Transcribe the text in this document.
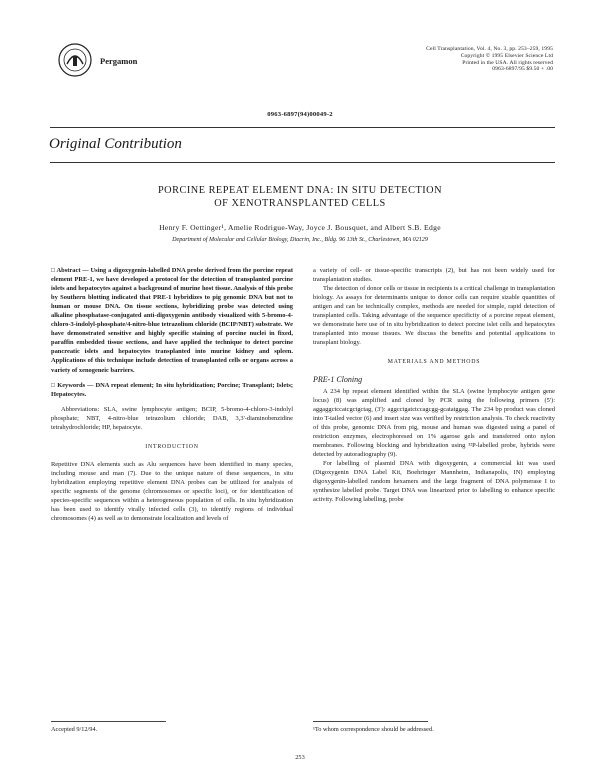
Pergamon
Cell Transplantation, Vol. 4, No. 3, pp. 253–259, 1995
Copyright © 1995 Elsevier Science Ltd
Printed in the USA. All rights reserved
0963-6897/95 $9.50 + .00
0963-6897(94)00049-2
Original Contribution
PORCINE REPEAT ELEMENT DNA: IN SITU DETECTION
OF XENOTRANSPLANTED CELLS
Henry F. Oettinger¹, Amelie Rodrigue-Way, Joyce J. Bousquet, and Albert S.B. Edge
Department of Molecular and Cellular Biology, Diacrin, Inc., Bldg. 96 13th St., Charlestown, MA 02129

□ Abstract — Using a digoxygenin-labelled DNA probe derived from the porcine repeat element PRE-1, we have developed a protocol for the detection of transplanted porcine islets and hepatocytes against a background of murine host tissue. Analysis of this probe by Southern blotting indicated that PRE-1 hybridizes to pig genomic DNA but not to human or mouse DNA. On tissue sections, hybridizing probe was detected using alkaline phosphatase-conjugated anti-digoxygenin antibody visualized with 5-bromo-4-chloro-3-indolyl-phosphate/4-nitro-blue tetrazolium chloride (BCIP/NBT) substrate. We have demonstrated sensitive and highly specific staining of porcine nuclei in fixed, paraffin embedded tissue sections, and have applied the technique to detect porcine pancreatic islets and hepatocytes transplanted into murine kidney and spleen. Applications of this technique include detection of transplanted cells or organs across a variety of xenogeneic barriers.

□ Keywords — DNA repeat element; In situ hybridization; Porcine; Transplant; Islets; Hepatocytes.

Abbreviations: SLA, swine lymphocyte antigen; BCIP, 5-bromo-4-chloro-3-indolyl phosphate; NBT, 4-nitro-blue tetrazolium chloride; DAB, 3,3'-diaminobenzidine tetrahydrochloride; HP, hepatocyte.

INTRODUCTION

Repetitive DNA elements such as Alu sequences have been identified in many species, including mouse and man (7). Due to the unique nature of these sequences, in situ hybridization employing repetitive element DNA probes can be utilized for analysis of specific segments of the genome (chromosomes or specific loci), or for identification of species-specific sequences within a heterogeneous population of cells. In situ hybridization has been used to identify virally infected cells (3), to identify regions of individual chromosomes (4) as well as to demonstrate localization and levels of

a variety of cell- or tissue-specific transcripts (2), but has not been widely used for transplantation studies.

The detection of donor cells or tissue in recipients is a critical challenge in transplantation biology. As assays for determinants unique to donor cells can require sizable quantities of antigen and can be technically complex, methods are needed for simple, rapid detection of transplanted cells. Taking advantage of the sequence specificity of a porcine repeat element, we demonstrate here use of in situ hybridization to detect porcine islet cells and hepatocytes transplanted into mouse tissues. We discuss the benefits and potential applications to transplant biology.

MATERIALS AND METHODS
PRE-1 Cloning

A 234 bp repeat element identified within the SLA (swine lymphocyte antigen gene locus) (8) was amplified and cloned by PCR using the following primers (5'): aggaggctccatcgctgctag, (3'): aggcctgatctccagcgg-gcatatggag. The 234 bp product was cloned into T-tailed vector (6) and insert size was verified by restriction analysis. To check reactivity of this probe, genomic DNA from pig, mouse and human was digested using a panel of restriction enzymes, electrophoresed on 1% agarose gels and transferred onto nylon membranes. Following blocking and hybridization using ³²P-labelled probe, hybrids were detected by autoradiography (9).

For labelling of plasmid DNA with digoxygenin, a commercial kit was used (Digoxygenin DNA Label Kit, Boehringer Mannheim, Indianapolis, IN) employing digoxygenin-labelled random hexamers and the large fragment of DNA polymerase I to synthesize labelled probe. Target DNA was linearized prior to labelling to enhance specific activity. Following labelling, probe

Accepted 9/12/94.	¹To whom correspondence should be addressed.
253
